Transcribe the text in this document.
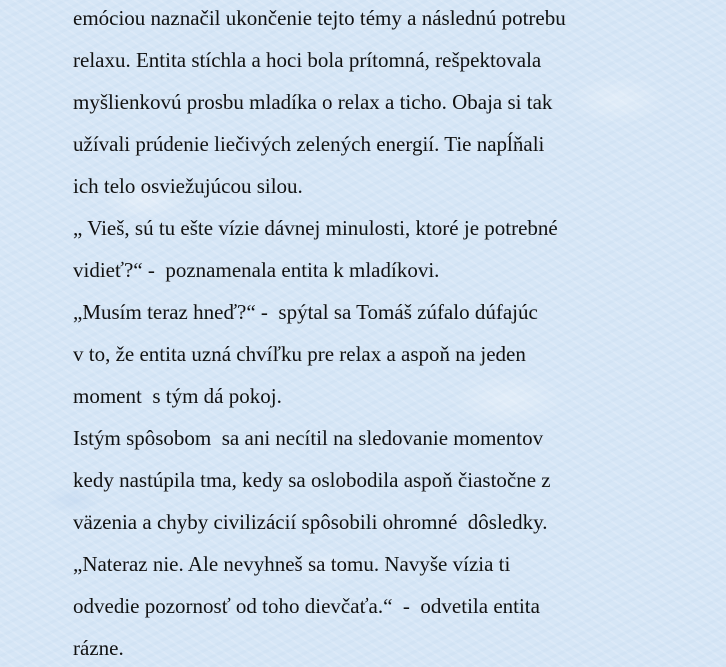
emóciou naznačil ukončenie tejto témy a následnú potrebu
relaxu. Entita stíchla a hoci bola prítomná, rešpektovala
myšlienkovú prosbu mladíka o relax a ticho. Obaja si tak
užívali prúdenie liečivých zelených energií. Tie napĺňali
ich telo osviežujúcou silou.
„ Vieš, sú tu ešte vízie dávnej minulosti, ktoré je potrebné
vidieť?“ -  poznamenala entita k mladíkovi.
„Musím teraz hneď?“ -  spýtal sa Tomáš zúfalo dúfajúc
v to, že entita uzná chvíľku pre relax a aspoň na jeden
moment  s tým dá pokoj.
Istým spôsobom  sa ani necítil na sledovanie momentov
kedy nastúpila tma, kedy sa oslobodila aspoň čiastočne z
väzenia a chyby civilizácií spôsobili ohromné  dôsledky.
„Nateraz nie. Ale nevyhneš sa tomu. Navyše vízia ti
odvedie pozornosť od toho dievčaťa.“  -  odvetila entita
rázne.
